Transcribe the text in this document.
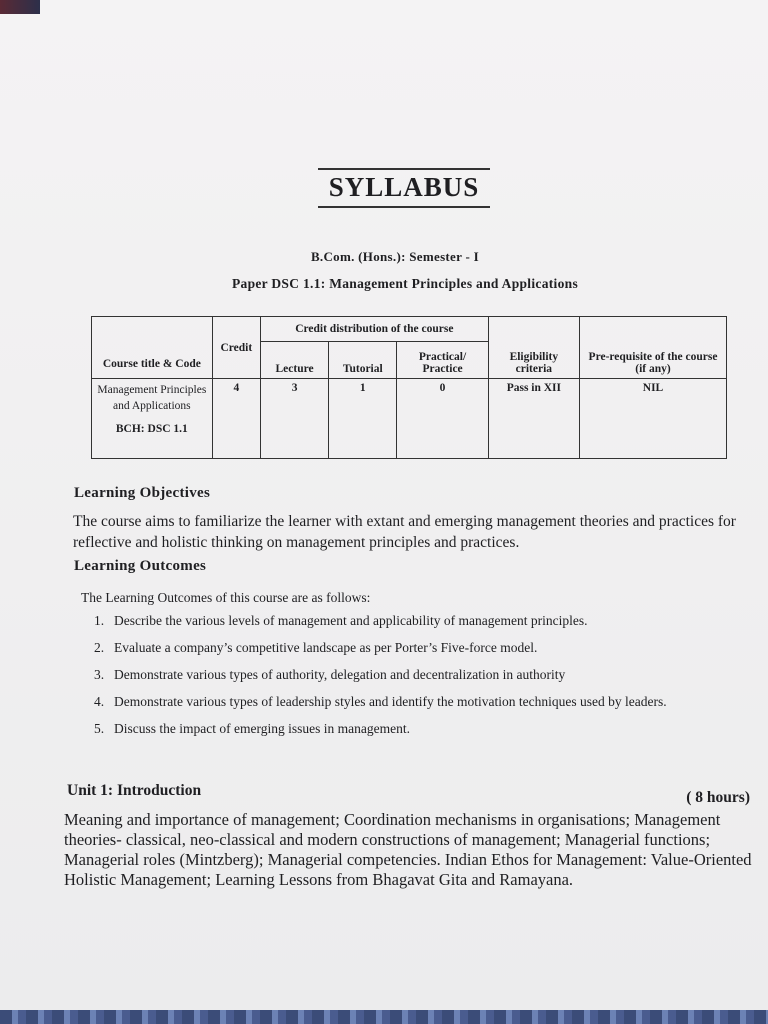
SYLLABUS

B.Com. (Hons.): Semester - I

Paper DSC 1.1: Management Principles and Applications

Course title & Code	Credit	Credit distribution of the course			Eligibility criteria	Pre-requisite of the course (if any)
		Lecture	Tutorial	Practical/ Practice		

Management Principles and Applications
BCH: DSC 1.1	4	3	1	0	Pass in XII	NIL
Learning Objectives

The course aims to familiarize the learner with extant and emerging management theories and practices for reflective and holistic thinking on management principles and practices.

Learning Outcomes

The Learning Outcomes of this course are as follows:

1. Describe the various levels of management and applicability of management principles.
2. Evaluate a company’s competitive landscape as per Porter’s Five-force model.
3. Demonstrate various types of authority, delegation and decentralization in authority
4. Demonstrate various types of leadership styles and identify the motivation techniques used by leaders.
5. Discuss the impact of emerging issues in management.
Unit 1: Introduction	( 8 hours)

Meaning and importance of management; Coordination mechanisms in organisations; Management theories- classical, neo-classical and modern constructions of management; Managerial functions; Managerial roles (Mintzberg); Managerial competencies. Indian Ethos for Management: Value-Oriented Holistic Management; Learning Lessons from Bhagavat Gita and Ramayana.
